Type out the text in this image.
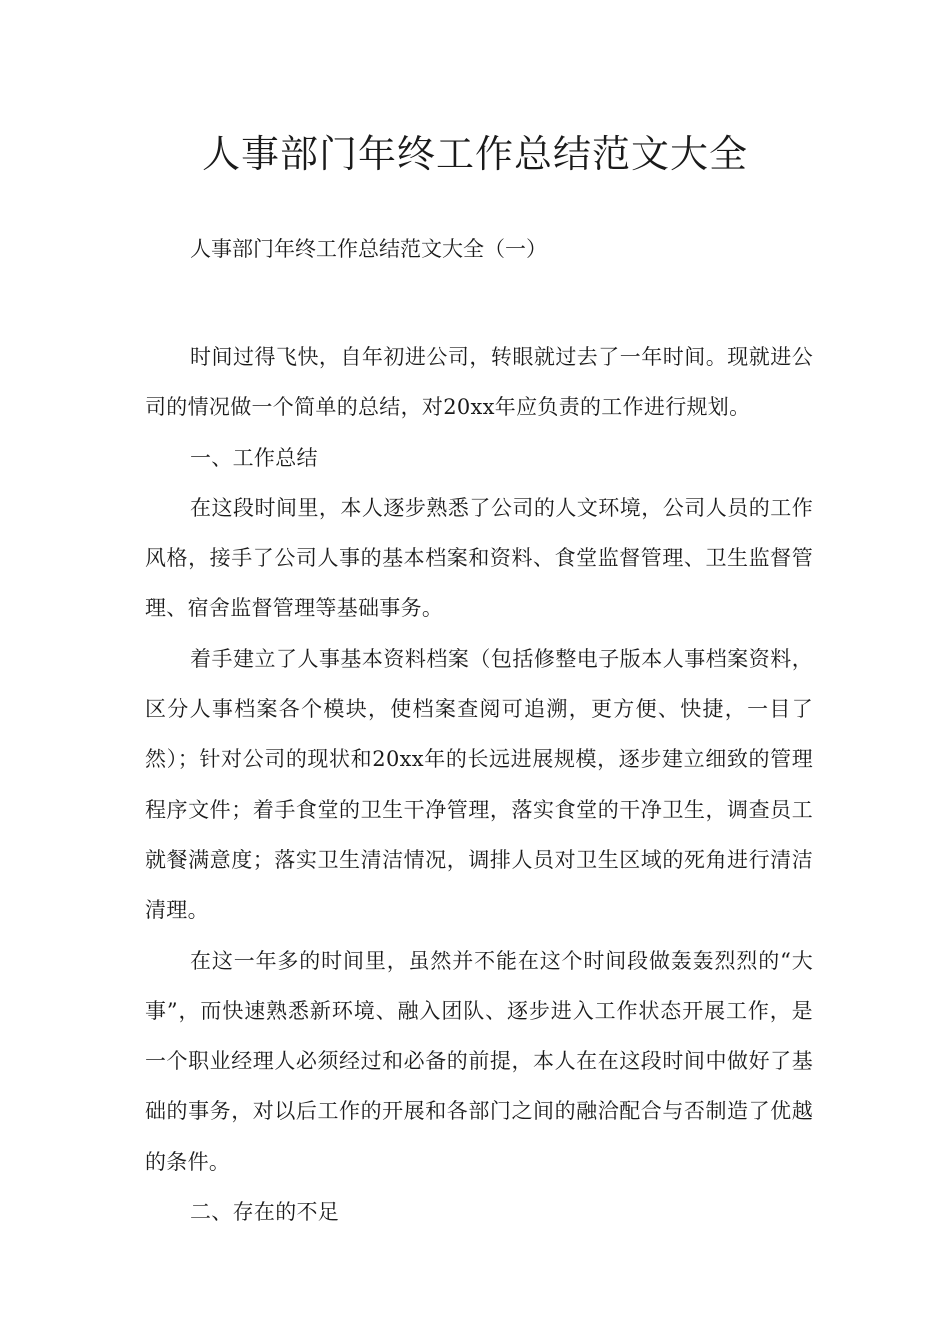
人事部门年终工作总结范文大全

人事部门年终工作总结范文大全（一）

时间过得飞快，自年初进公司，转眼就过去了一年时间。现就进公司的情况做一个简单的总结，对20xx年应负责的工作进行规划。

一、工作总结

在这段时间里，本人逐步熟悉了公司的人文环境，公司人员的工作风格，接手了公司人事的基本档案和资料、食堂监督管理、卫生监督管理、宿舍监督管理等基础事务。

着手建立了人事基本资料档案（包括修整电子版本人事档案资料，区分人事档案各个模块，使档案查阅可追溯，更方便、快捷，一目了然）；针对公司的现状和20xx年的长远进展规模，逐步建立细致的管理程序文件；着手食堂的卫生干净管理，落实食堂的干净卫生，调查员工就餐满意度；落实卫生清洁情况，调排人员对卫生区域的死角进行清洁清理。

在这一年多的时间里，虽然并不能在这个时间段做轰轰烈烈的“大事”，而快速熟悉新环境、融入团队、逐步进入工作状态开展工作，是一个职业经理人必须经过和必备的前提，本人在在这段时间中做好了基础的事务，对以后工作的开展和各部门之间的融洽配合与否制造了优越的条件。

二、存在的不足
